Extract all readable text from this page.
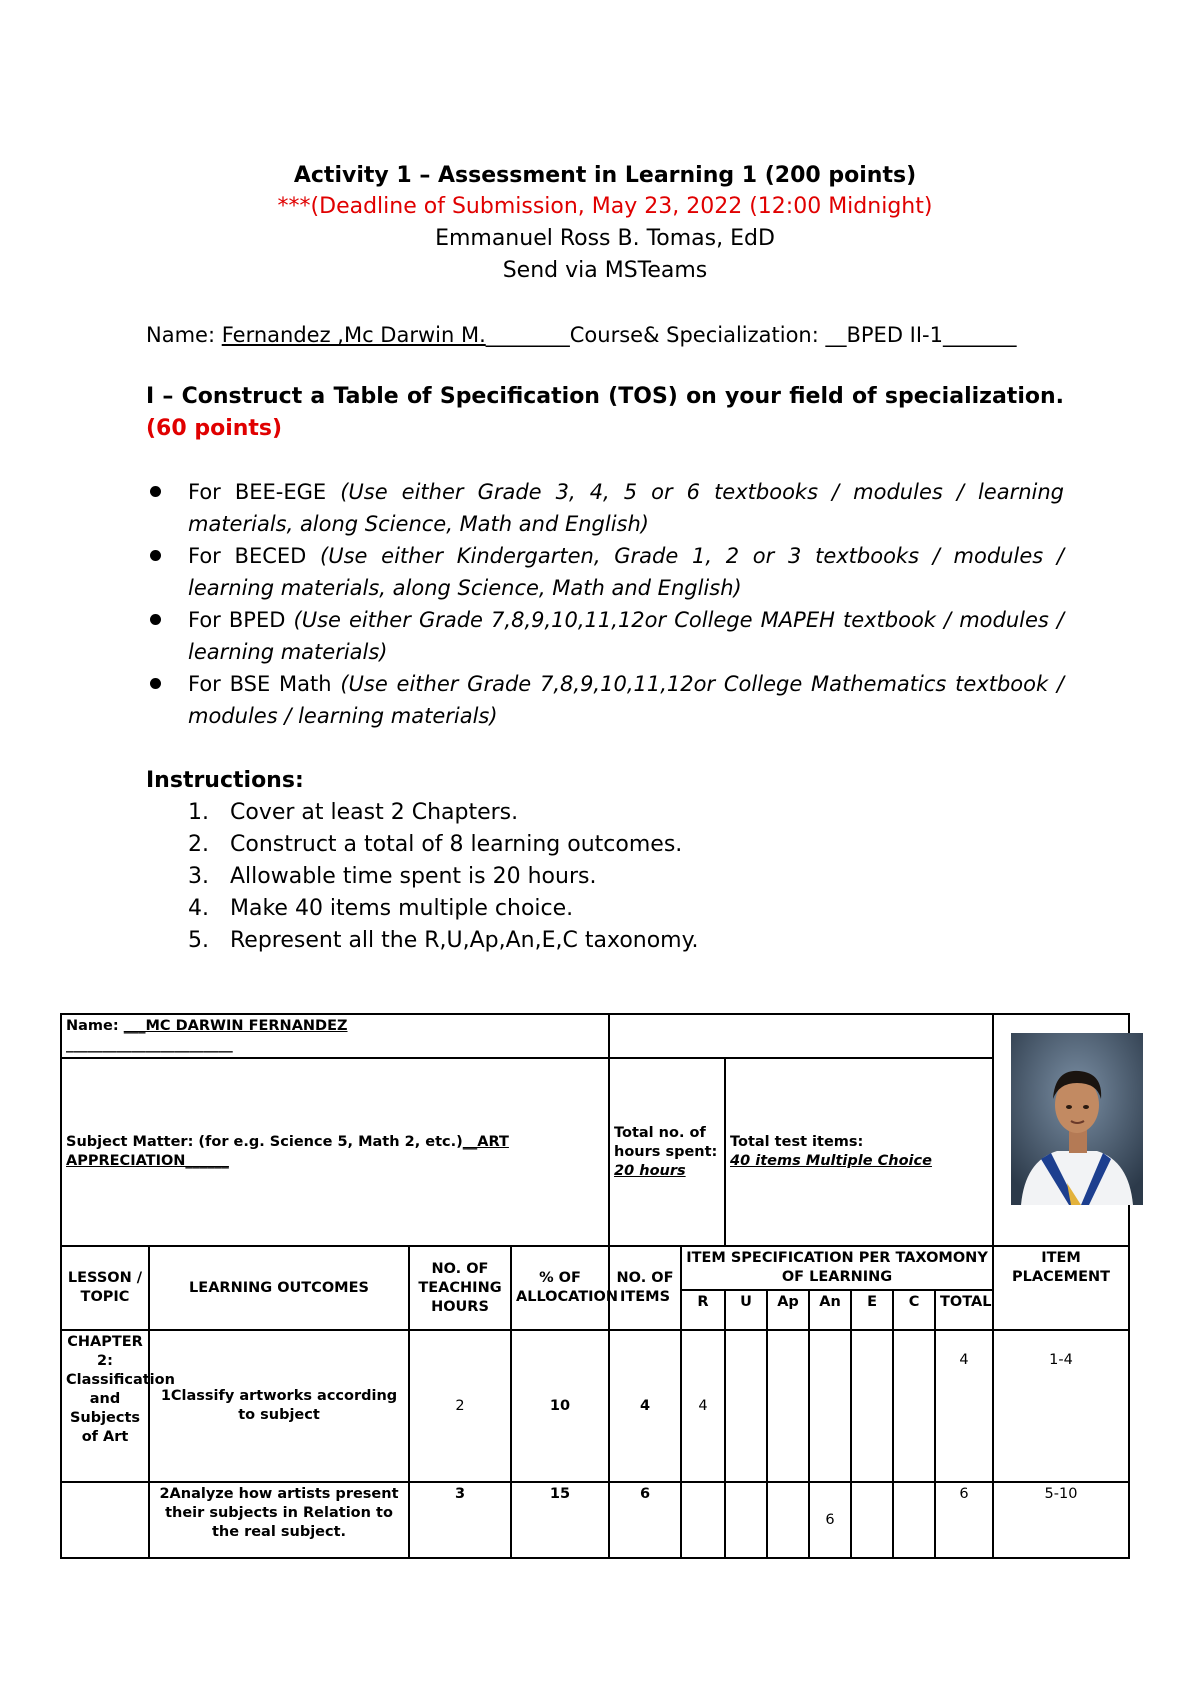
Activity 1 – Assessment in Learning 1 (200 points)
***(Deadline of Submission, May 23, 2022 (12:00 Midnight)
Emmanuel Ross B. Tomas, EdD
Send via MSTeams
Name: Fernandez ,Mc Darwin M.________Course& Specialization: __BPED II-1_______
I – Construct a Table of Specification (TOS) on your field of specialization.(60 points)
For BEE-EGE (Use either Grade 3, 4, 5 or 6 textbooks / modules / learning materials, along Science, Math and English)
For BECED (Use either Kindergarten, Grade 1, 2 or 3 textbooks / modules / learning materials, along Science, Math and English)
For BPED (Use either Grade 7,8,9,10,11,12or College MAPEH textbook / modules / learning materials)
For BSE Math (Use either Grade 7,8,9,10,11,12or College Mathematics textbook / modules / learning materials)
Instructions:
1. Cover at least 2 Chapters.
2. Construct a total of 8 learning outcomes.
3. Allowable time spent is 20 hours.
4. Make 40 items multiple choice.
5. Represent all the R,U,Ap,An,E,C taxonomy.
Name: ___MC DARWIN FERNANDEZ
_______________________												
Subject Matter: (for e.g. Science 5, Math 2, etc.)__ART APPRECIATION______				Total no. of hours spent: 20 hours		Total test items:
40 items Multiple Choice						
LESSON / TOPIC	LEARNING OUTCOMES	NO. OF TEACHING HOURS	% OF ALLOCATION	NO. OF ITEMS	ITEM SPECIFICATION PER TAXOMONY OF LEARNING							ITEM PLACEMENT
					R	U	Ap	An	E	C	TOTAL	
CHAPTER 2: Classification and Subjects of Art	1Classify artworks according to subject	2	10	4	4						4	1-4
	2Analyze how artists present their subjects in Relation to the real subject.	3	15	6				6			6	5-10
